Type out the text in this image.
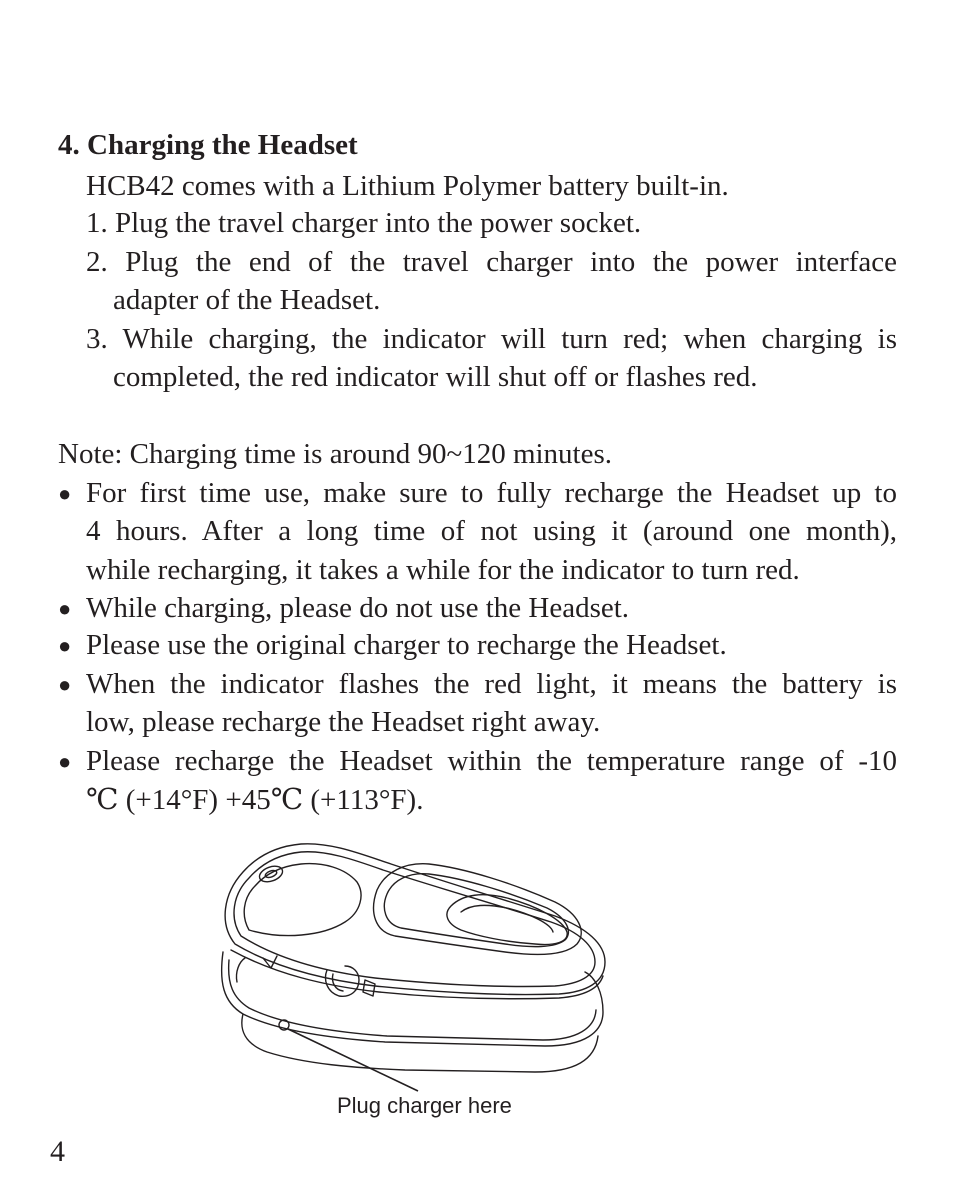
4. Charging the Headset
HCB42 comes with a Lithium Polymer battery built-in.
1. Plug the travel charger into the power socket.
2. Plug the end of the travel charger into the power interface
adapter of the Headset.
3. While charging, the indicator will turn red; when charging is
completed, the red indicator will shut off or flashes red.
Note: Charging time is around 90~120 minutes.
● For first time use, make sure to fully recharge the Headset up to
4 hours. After a long time of not using it (around one month),
while recharging, it takes a while for the indicator to turn red.
● While charging, please do not use the Headset.
● Please use the original charger to recharge the Headset.
● When the indicator flashes the red light, it means the battery is
low, please recharge the Headset right away.
● Please recharge the Headset within the temperature range of -10
℃ (+14°F) +45℃ (+113°F).
Plug charger here
4
